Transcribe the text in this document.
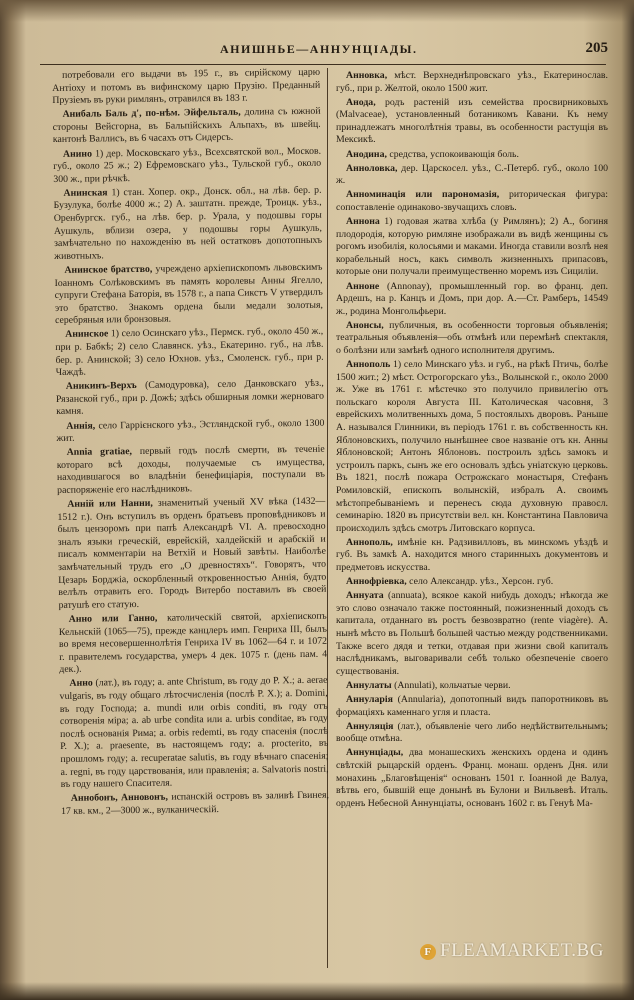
АНИШНЬЕ—АННУНЦІАДЫ.	205

потребовали его выдачи въ 195 г., въ сирійскому царю Антіоху и потомъ въ вифинскому царю Прузію. Преданный Прузіемъ въ руки римлянъ, отравился въ 183 г.

Анибаль Баль д', по-нѣм. Эйфельталь, долина съ южной стороны Вейсгорна, въ Бальпійскихъ Альпахъ, въ швейц. кантонѣ Валлисъ, въ 6 часахъ отъ Сидерсъ.

Анино 1) дер. Московскаго уѣз., Всехсвятской вол., Москов. губ., около 25 ж.; 2) Ефремовскаго уѣз., Тульской губ., около 300 ж., при рѣчкѣ.

Анинская 1) стан. Хопер. окр., Донск. обл., на лѣв. бер. р. Бузулука, болѣе 4000 ж.; 2) А. заштатн. прежде, Троицк. уѣз., Оренбургск. губ., на лѣв. бер. р. Урала, у подошвы горы Аушкуль, вблизи озера, у подошвы горы Аушкуль, замѣчательно по нахожденію въ ней остатковъ допотопныхъ животныхъ.

Анинское братство, учреждено архіепископомъ львовскимъ Іоанномъ Солѣковскимъ въ память королевы Анны Ягелло, супруги Стефана Баторія, въ 1578 г., а папа Сикстъ V утвердилъ это братство. Знакомъ ордена были медали золотыя, серебряныя или бронзовыя.

Анинское 1) село Осинскаго уѣз., Пермск. губ., около 450 ж., при р. Бабкѣ; 2) село Славянск. уѣз., Екатерино. губ., на лѣв. бер. р. Анинской; 3) село Юхнов. уѣз., Смоленск. губ., при р. Чаждѣ.

Аникинъ-Верхъ (Самодуровка), село Данковскаго уѣз., Рязанской губ., при р. Дожѣ; здѣсь обширныя ломки жерноваго камня.

Аннія, село Гаррієнского уѣз., Эстляндской губ., около 1300 жит.

Annia gratiae, первый годъ послѣ смерти, въ теченіе котораго всѣ доходы, получаемые съ имущества, находившагося во владѣніи бенефиціарія, поступали въ распоряженіе его наслѣдниковъ.

Анній или Нанни, знаменитый ученый XV вѣка (1432—1512 г.). Онъ вступилъ въ орденъ братьевъ проповѣдниковъ и былъ цензоромъ при папѣ Александрѣ VI. А. превосходно зналъ языки греческій, еврейскій, халдейскій и арабскій и писалъ комментаріи на Ветхій и Новый завѣты. Наиболѣе замѣчательный трудъ его „О древностяхъ“. Говорятъ, что Цезарь Борджіа, оскорбленный откровенностью Аннія, будто велѣлъ отравить его. Городъ Витербо поставилъ въ своей ратушѣ его статую.

Анно или Ганно, католическій святой, архіепископъ Кельнскій (1065—75), прежде канцлеръ имп. Генриха III, былъ во время несовершеннолѣтія Генриха IV въ 1062—64 г. и 1072 г. правителемъ государства, умеръ 4 дек. 1075 г. (день пам. 4 дек.).

Анно (лат.), въ году; a. ante Christum, въ году до Р. Х.; a. aerae vulgaris, въ году общаго лѣтосчисленія (послѣ Р. Х.); a. Domini, въ году Господа; a. mundi или orbis conditi, въ году отъ сотворенія міра; a. ab urbe condita или a. urbis conditae, въ году послѣ основанія Рима; a. orbis redemti, въ году спасенія (послѣ Р. Х.); a. praesente, въ настоящемъ году; a. procterito, въ прошломъ году; a. recuperatae salutis, въ году вѣчнаго спасенія; a. regni, въ году царствованія, или правленія; a. Salvatoris nostri, въ году нашего Спасителя.

Аннобонъ, Анновонъ, испанскій островъ въ заливѣ Гвинея, 17 кв. км., 2—3000 ж., вулканическій.

Анновка, мѣст. Верхнеднѣпровскаго уѣз., Екатеринослав. губ., при р. Желтой, около 1500 жит.

Анода, родъ растеній изъ семейства просвирниковыхъ (Malvaceae), установленный ботаникомъ Кавани. Къ нему принадлежатъ многолѣтнія травы, въ особенности растущія въ Мексикѣ.

Анодина, средства, успокоивающія боль.

Анноловка, дер. Царскосел. уѣз., С.-Петерб. губ., около 100 ж.

Анноминація или парономазія, риторическая фигура: сопоставленіе одинаково-звучащихъ словъ.

Аннона 1) годовая жатва хлѣба (у Римлянъ); 2) А., богиня плодородія, которую римляне изображали въ видѣ женщины съ рогомъ изобилія, колосьями и маками. Иногда ставили возлѣ нея корабельный носъ, какъ символъ жизненныхъ припасовъ, которые они получали преимущественно моремъ изъ Сициліи.

Анноне (Annonay), промышленный гор. во франц. деп. Ардешъ, на р. Канцъ и Домъ, при дор. А.—Ст. Рамберъ, 14549 ж., родина Монгольфьери.

Анонсы, публичныя, въ особенности торговыя объявленія; театральныя объявленія—объ отмѣнѣ или перемѣнѣ спектакля, о болѣзни или замѣнѣ одного исполнителя другимъ.

Аннополь 1) село Минскаго уѣз. и губ., на рѣкѣ Птичь, болѣе 1500 жит.; 2) мѣст. Острогорскаго уѣз., Волынской г., около 2000 ж. Уже въ 1761 г. мѣстечко это получило привилегію отъ польскаго короля Августа III. Католическая часовня, 3 еврейскихъ молитвенныхъ дома, 5 постоялыхъ дворовъ. Раньше А. назывался Глинники, въ періодъ 1761 г. въ собственность кн. Яблоновскихъ, получило нынѣшнее свое названіе отъ кн. Анны Яблоновской; Антонъ Яблоновъ. построилъ здѣсь замокъ и устроилъ паркъ, сынъ же его основалъ здѣсь уніатскую церковь. Въ 1821, послѣ пожара Острожскаго монастыря, Стефанъ Ромиловскій, епископъ волынскій, избралъ А. своимъ мѣстопребываніемъ и перенесъ сюда духовную правосл. семинарію. 1820 въ присутствіи вел. кн. Константина Павловича происходилъ здѣсь смотръ Литовскаго корпуса.

Аннополь, имѣніе кн. Радзивилловъ, въ минскомъ уѣздѣ и губ. Въ замкѣ А. находится много старинныхъ документовъ и предметовъ искусства.

Аннофріевка, село Александр. уѣз., Херсон. губ.

Аннуата (annuata), всякое какой нибудь доходъ; нѣкогда же это слово означало также постоянный, пожизненный доходъ съ капитала, отданнаго въ ростъ безвозвратно (rente viagère). А. нынѣ мѣсто въ Польшѣ большей частью между родственниками. Также всего дядя и тетки, отдавая при жизни свой капиталъ наслѣдникамъ, выговаривали себѣ только обезпеченіе своего существованія.

Аннулаты (Annulati), кольчатые черви.

Аннуларія (Annularia), допотопный видъ папоротниковъ въ формаціяхъ каменнаго угля и пласта.

Аннуляція (лат.), объявленіе чего либо недѣйствительнымъ; вообще отмѣна.

Аннунціады, два монашескихъ женскихъ ордена и одинъ свѣтскій рыцарскій орденъ. Франц. монаш. орденъ Дня. или монахинь „Благовѣщенія“ основанъ 1501 г. Іоанной де Валуа, вѣтвь его, бывшій еще донынѣ въ Булони и Вильвевѣ. Италь. орденъ Небесной Аннунціаты, основанъ 1602 г. въ Генуѣ Ма-

F FLEAMARKET.BG
